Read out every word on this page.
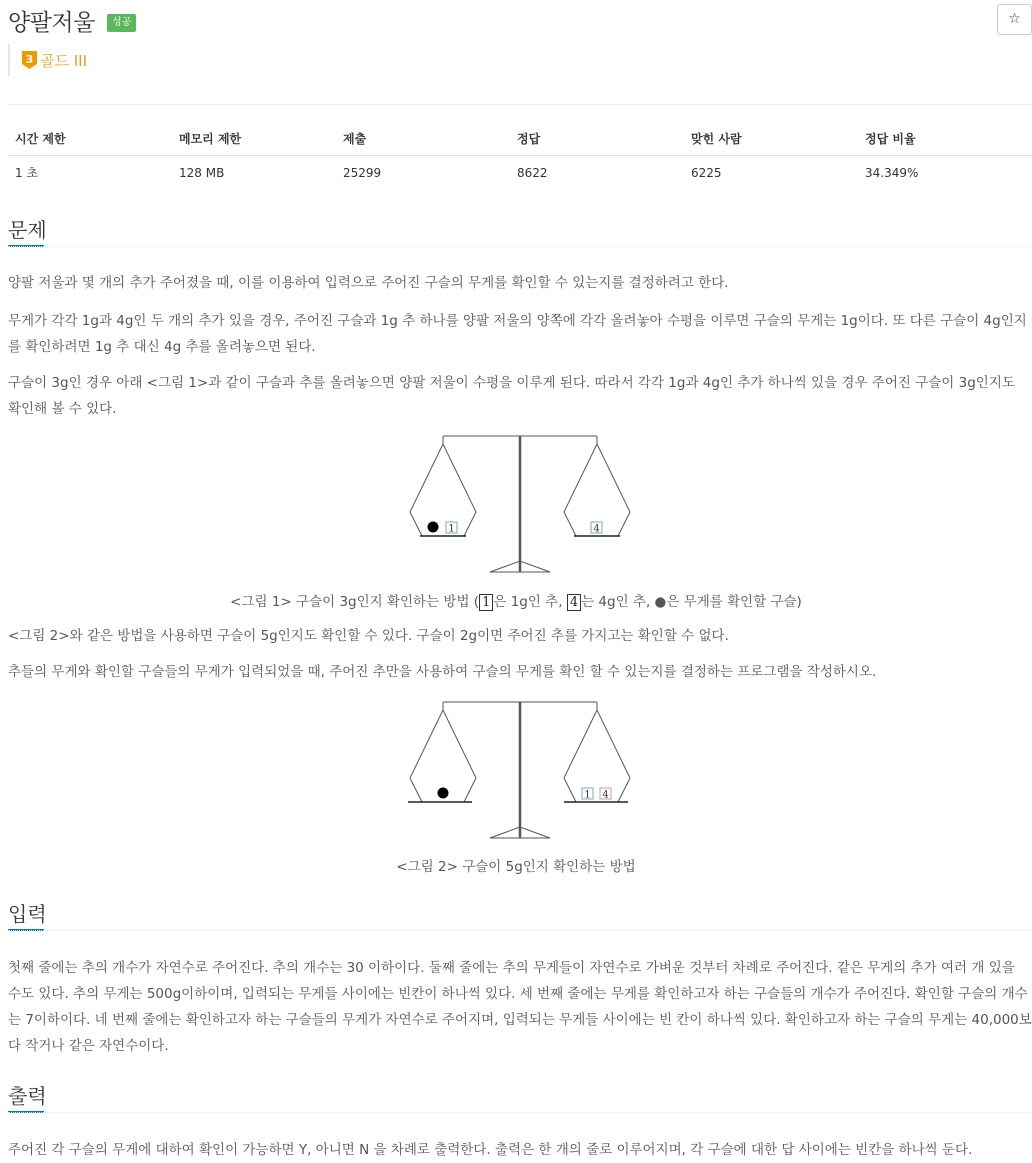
양팔저울	성공	☆
3 골드 III
시간 제한	메모리 제한	제출	정답	맞힌 사람	정답 비율
1 초	128 MB	25299	8622	6225	34.349%
문제
양팔 저울과 몇 개의 추가 주어졌을 때, 이를 이용하여 입력으로 주어진 구슬의 무게를 확인할 수 있는지를 결정하려고 한다.
무게가 각각 1g과 4g인 두 개의 추가 있을 경우, 주어진 구슬과 1g 추 하나를 양팔 저울의 양쪽에 각각 올려놓아 수평을 이루면 구슬의 무게는 1g이다. 또 다른 구슬이 4g인지를 확인하려면 1g 추 대신 4g 추를 올려놓으면 된다.
구슬이 3g인 경우 아래 <그림 1>과 같이 구슬과 추를 올려놓으면 양팔 저울이 수평을 이루게 된다. 따라서 각각 1g과 4g인 추가 하나씩 있을 경우 주어진 구슬이 3g인지도 확인해 볼 수 있다.
1	4
<그림 1> 구슬이 3g인지 확인하는 방법 ( 1 은 1g인 추, 4 는 4g인 추, ●은 무게를 확인할 구슬)
<그림 2>와 같은 방법을 사용하면 구슬이 5g인지도 확인할 수 있다. 구슬이 2g이면 주어진 추를 가지고는 확인할 수 없다.
추들의 무게와 확인할 구슬들의 무게가 입력되었을 때, 주어진 추만을 사용하여 구슬의 무게를 확인 할 수 있는지를 결정하는 프로그램을 작성하시오.
1 4
<그림 2> 구슬이 5g인지 확인하는 방법
입력
첫째 줄에는 추의 개수가 자연수로 주어진다. 추의 개수는 30 이하이다. 둘째 줄에는 추의 무게들이 자연수로 가벼운 것부터 차례로 주어진다. 같은 무게의 추가 여러 개 있을 수도 있다. 추의 무게는 500g이하이며, 입력되는 무게들 사이에는 빈칸이 하나씩 있다. 세 번째 줄에는 무게를 확인하고자 하는 구슬들의 개수가 주어진다. 확인할 구슬의 개수는 7이하이다. 네 번째 줄에는 확인하고자 하는 구슬들의 무게가 자연수로 주어지며, 입력되는 무게들 사이에는 빈 칸이 하나씩 있다. 확인하고자 하는 구슬의 무게는 40,000보다 작거나 같은 자연수이다.
출력
주어진 각 구슬의 무게에 대하여 확인이 가능하면 Y, 아니면 N 을 차례로 출력한다. 출력은 한 개의 줄로 이루어지며, 각 구슬에 대한 답 사이에는 빈칸을 하나씩 둔다.
